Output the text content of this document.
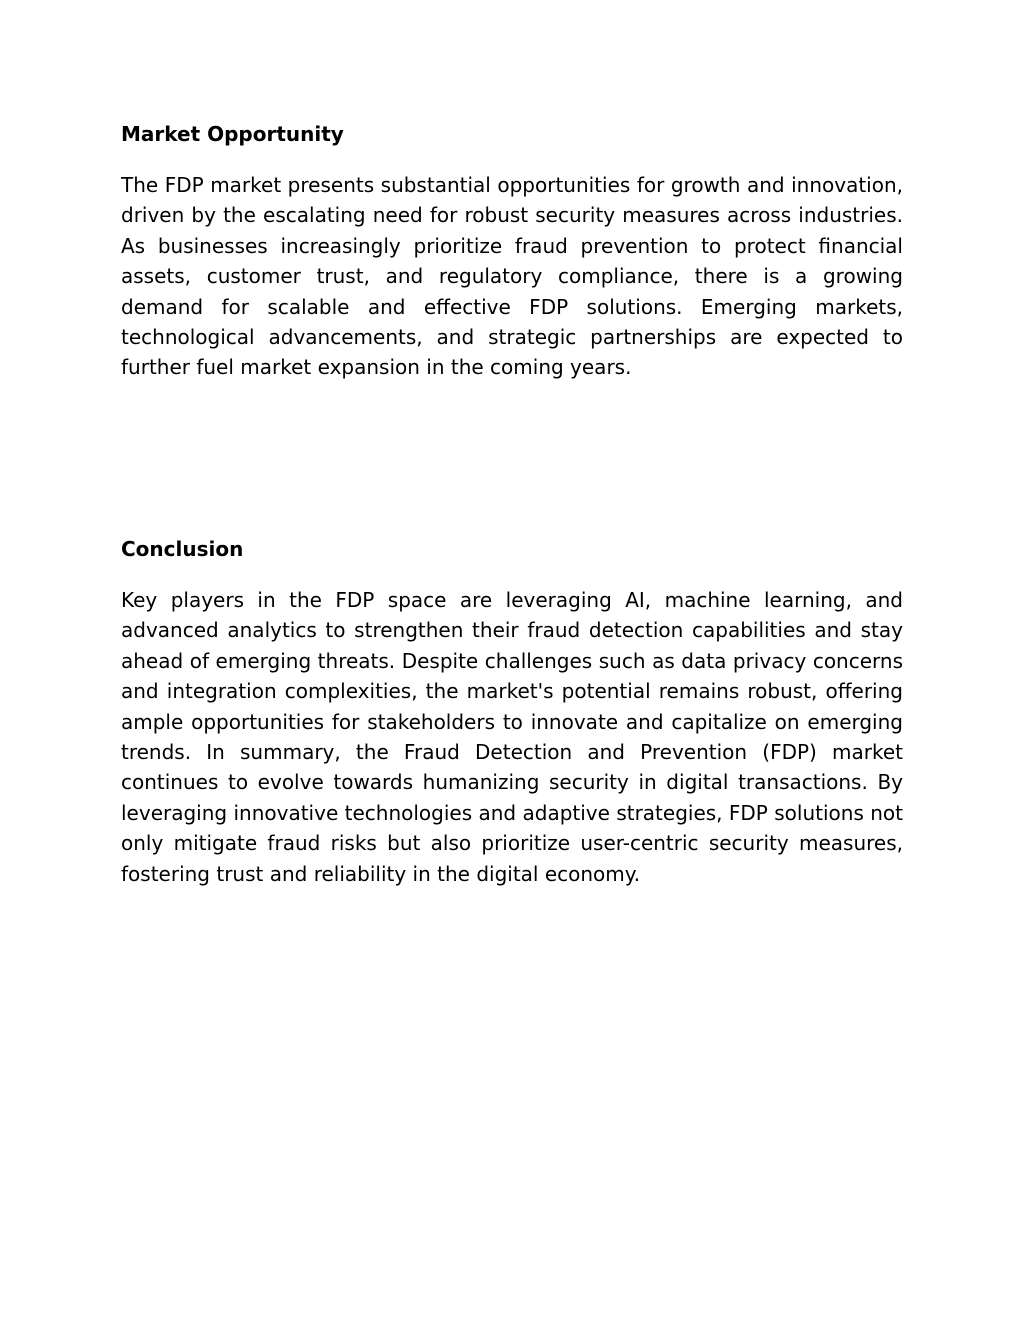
Market Opportunity

The FDP market presents substantial opportunities for growth and innovation, driven by the escalating need for robust security measures across industries. As businesses increasingly prioritize fraud prevention to protect financial assets, customer trust, and regulatory compliance, there is a growing demand for scalable and effective FDP solutions. Emerging markets, technological advancements, and strategic partnerships are expected to further fuel market expansion in the coming years.

Conclusion

Key players in the FDP space are leveraging AI, machine learning, and advanced analytics to strengthen their fraud detection capabilities and stay ahead of emerging threats. Despite challenges such as data privacy concerns and integration complexities, the market's potential remains robust, offering ample opportunities for stakeholders to innovate and capitalize on emerging trends. In summary, the Fraud Detection and Prevention (FDP) market continues to evolve towards humanizing security in digital transactions. By leveraging innovative technologies and adaptive strategies, FDP solutions not only mitigate fraud risks but also prioritize user-centric security measures, fostering trust and reliability in the digital economy.
